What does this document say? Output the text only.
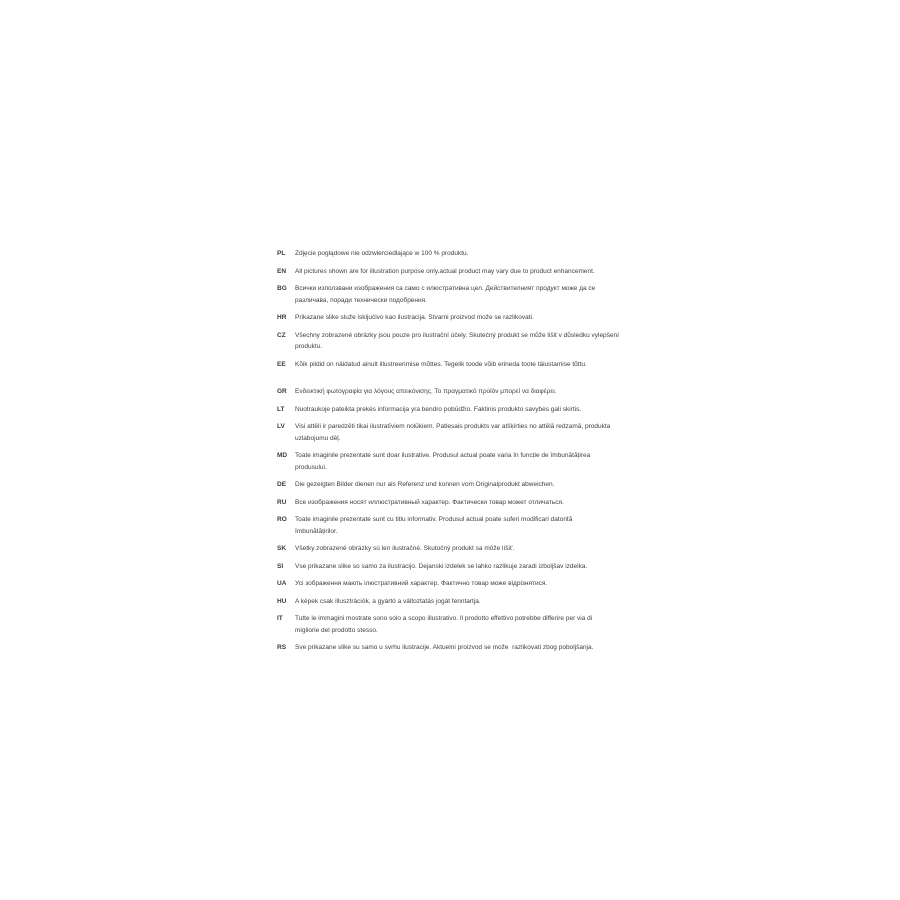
PL	Zdjęcie poglądowe nie odzwierciedlające w 100 % produktu.
EN	All pictures shown are for illustration purpose only.actual product may vary due to product enhancement.
BG	Всички използвани изображения са само с илюстративна цел. Действителният продукт може да се
различава, поради технически подобрения.
HR	Prikazane slike služe isključivo kao ilustracija. Stvarni proizvod može se razlikovati.
CZ	Všechny zobrazené obrázky jsou pouze pro ilustrační účely. Skutečný produkt se může lišit v důsledku vylepšení
produktu.
EE	Kõik pildid on näidatud ainult illustreerimise mõttes. Tegelik toode võib erineda toote täiustamise tõttu.
GR	Ενδεικτική φωτογραφία για λόγους απεικόνισης. Το πραγματικό προϊόν μπορεί να διαφέρει.
LT	Nuotraukoje pateikta prekės informacija yra bendro pobūdžio. Faktinis produkto savybės gali skirtis.
LV	Visi attēli ir paredzēti tikai ilustratīviem nolūkiem. Patiesais produkts var atšķirties no attēlā redzamā, produkta
uzlabojumu dēļ.
MD	Toate imaginile prezentate sunt doar ilustrative. Produsul actual poate varia în funcție de îmbunătățirea
produsului.
DE	Die gezeigten Bilder dienen nur als Referenz und konnen vom Originalprodukt abweichen.
RU	Все изображения носят иллюстративный характер. Фактически товар может отличаться.
RO	Toate imaginile prezentate sunt cu titlu informativ. Produsul actual poate suferi modificari datorită
îmbunătățirilor.
SK	Všetky zobrazené obrázky sú len ilustračné. Skutočný produkt sa môže líšiť.
SI	Vse prikazane slike so samo za ilustracijo. Dejanski izdelek se lahko razlikuje zaradi izboljšav izdelka.
UA	Усі зображення мають ілюстративний характер. Фактично товар може відрізнятися.
HU	A képek csak illusztrációk, a gyártó a változtatás jogát fenntartja.
IT	Tutte le immagini mostrate sono solo a scopo illustrativo. Il prodotto effettivo potrebbe differire per via di
migliorie del prodotto stesso.
RS	Sve prikazane slike su samo u svrhu ilustracije. Aktuelni proizvod se može  razlikovati zbog poboljšanja.
